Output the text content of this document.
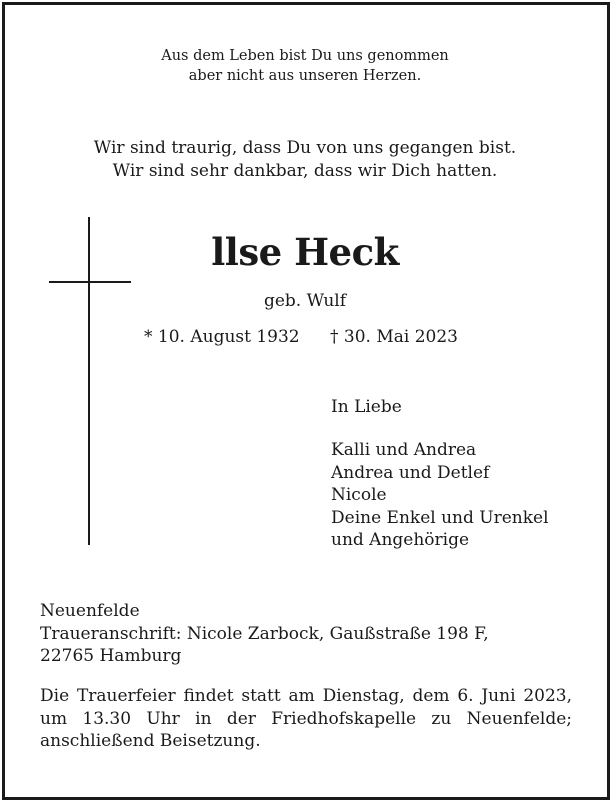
Aus dem Leben bist Du uns genommen
aber nicht aus unseren Herzen.
Wir sind traurig, dass Du von uns gegangen bist.
Wir sind sehr dankbar, dass wir Dich hatten.
llse Heck
geb. Wulf
* 10. August 1932 † 30. Mai 2023
In Liebe
Kalli und Andrea
Andrea und Detlef
Nicole
Deine Enkel und Urenkel
und Angehörige
Neuenfelde
Traueranschrift: Nicole Zarbock, Gaußstraße 198 F,
22765 Hamburg
Die Trauerfeier findet statt am Dienstag, dem 6. Juni 2023, um 13.30 Uhr in der Friedhofskapelle zu Neuenfelde; anschließend Beisetzung.
